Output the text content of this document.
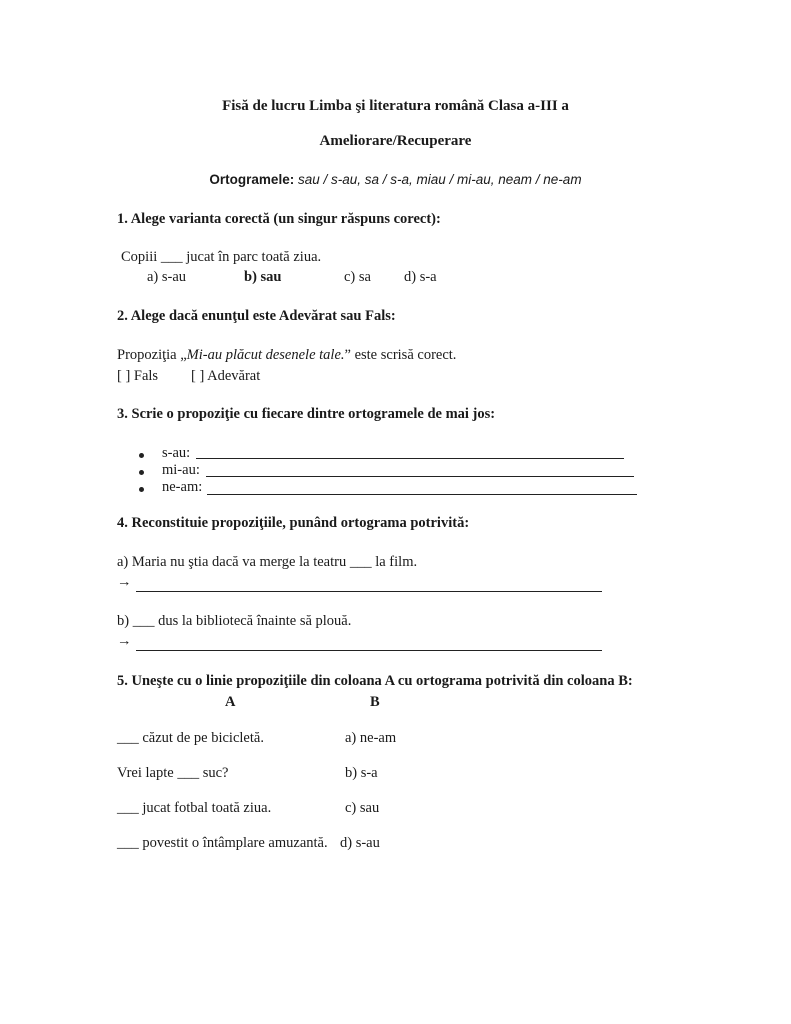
Fisă de lucru Limba şi literatura română Clasa a-III a
Ameliorare/Recuperare
Ortogramele: sau / s-au, sa / s-a, miau / mi-au, neam / ne-am
1. Alege varianta corectă (un singur răspuns corect):
Copiii ___ jucat în parc toată ziua.
a) s-au	b) sau	c) sa d) s-a
2. Alege dacă enunţul este Adevărat sau Fals:
Propoziţia „Mi-au plăcut desenele tale.” este scrisă corect.
[ ] Fals [ ] Adevărat
3. Scrie o propoziţie cu fiecare dintre ortogramele de mai jos:
s-au:
mi-au:
ne-am:
4. Reconstituie propoziţiile, punând ortograma potrivită:
a) Maria nu ştia dacă va merge la teatru ___ la film.
→
b) ___ dus la bibliotecă înainte să plouă.
→
5. Uneşte cu o linie propoziţiile din coloana A cu ortograma potrivită din coloana B:
A	B
___ căzut de pe bicicletă.	a) ne-am
Vrei lapte ___ suc?	b) s-a
___ jucat fotbal toată ziua.	c) sau
___ povestit o întâmplare amuzantă. d) s-au
